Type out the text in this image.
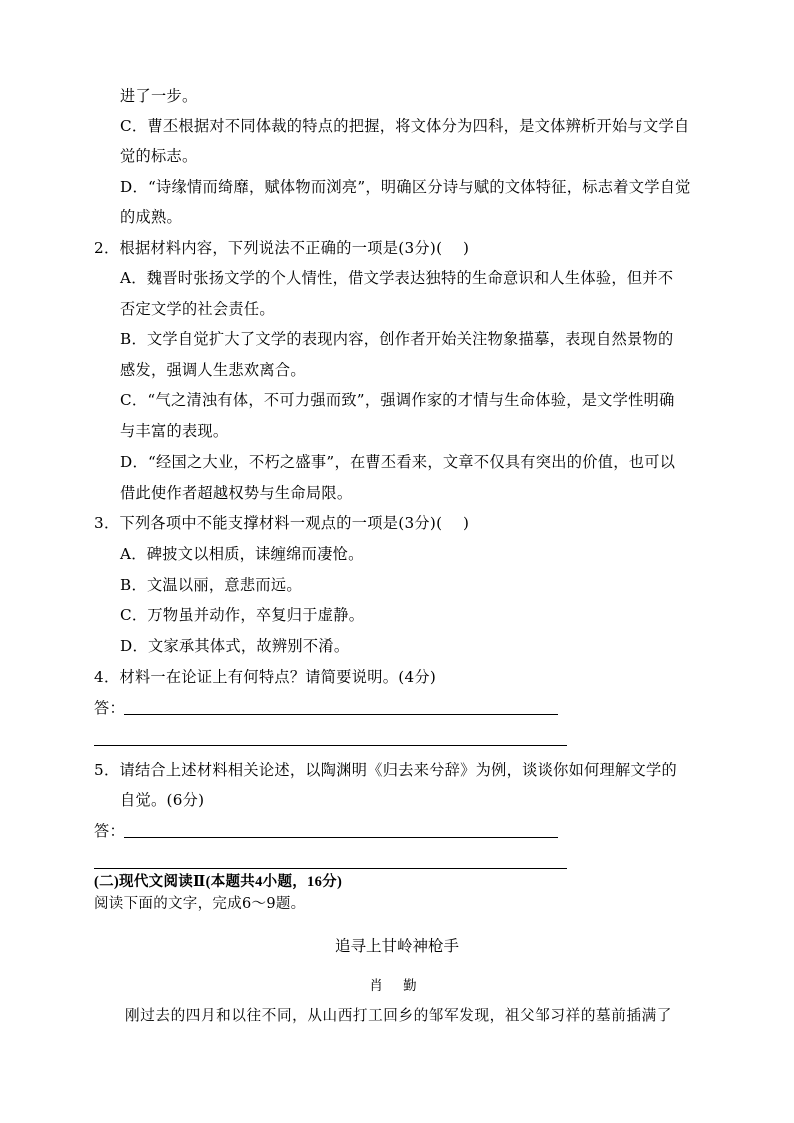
进了一步。
C．曹丕根据对不同体裁的特点的把握，将文体分为四科，是文体辨析开始与文学自
觉的标志。
D．“诗缘情而绮靡，赋体物而浏亮”，明确区分诗与赋的文体特征，标志着文学自觉
的成熟。
2．根据材料内容，下列说法不正确的一项是(3分)(　 )
A．魏晋时张扬文学的个人情性，借文学表达独特的生命意识和人生体验，但并不
否定文学的社会责任。
B．文学自觉扩大了文学的表现内容，创作者开始关注物象描摹，表现自然景物的
感发，强调人生悲欢离合。
C．“气之清浊有体，不可力强而致”，强调作家的才情与生命体验，是文学性明确
与丰富的表现。
D．“经国之大业，不朽之盛事”，在曹丕看来，文章不仅具有突出的价值，也可以
借此使作者超越权势与生命局限。
3．下列各项中不能支撑材料一观点的一项是(3分)(　 )
A．碑披文以相质，诔缠绵而凄怆。
B．文温以丽，意悲而远。
C．万物虽并动作，卒复归于虚静。
D．文家承其体式，故辨别不淆。
4．材料一在论证上有何特点？请简要说明。(4分)
答：
5．请结合上述材料相关论述，以陶渊明《归去来兮辞》为例，谈谈你如何理解文学的
自觉。(6分)
答：
(二)现代文阅读Ⅱ(本题共4小题，16分)
阅读下面的文字，完成6～9题。
追寻上甘岭神枪手
肖 勤
刚过去的四月和以往不同，从山西打工回乡的邹军发现，祖父邹习祥的墓前插满了
